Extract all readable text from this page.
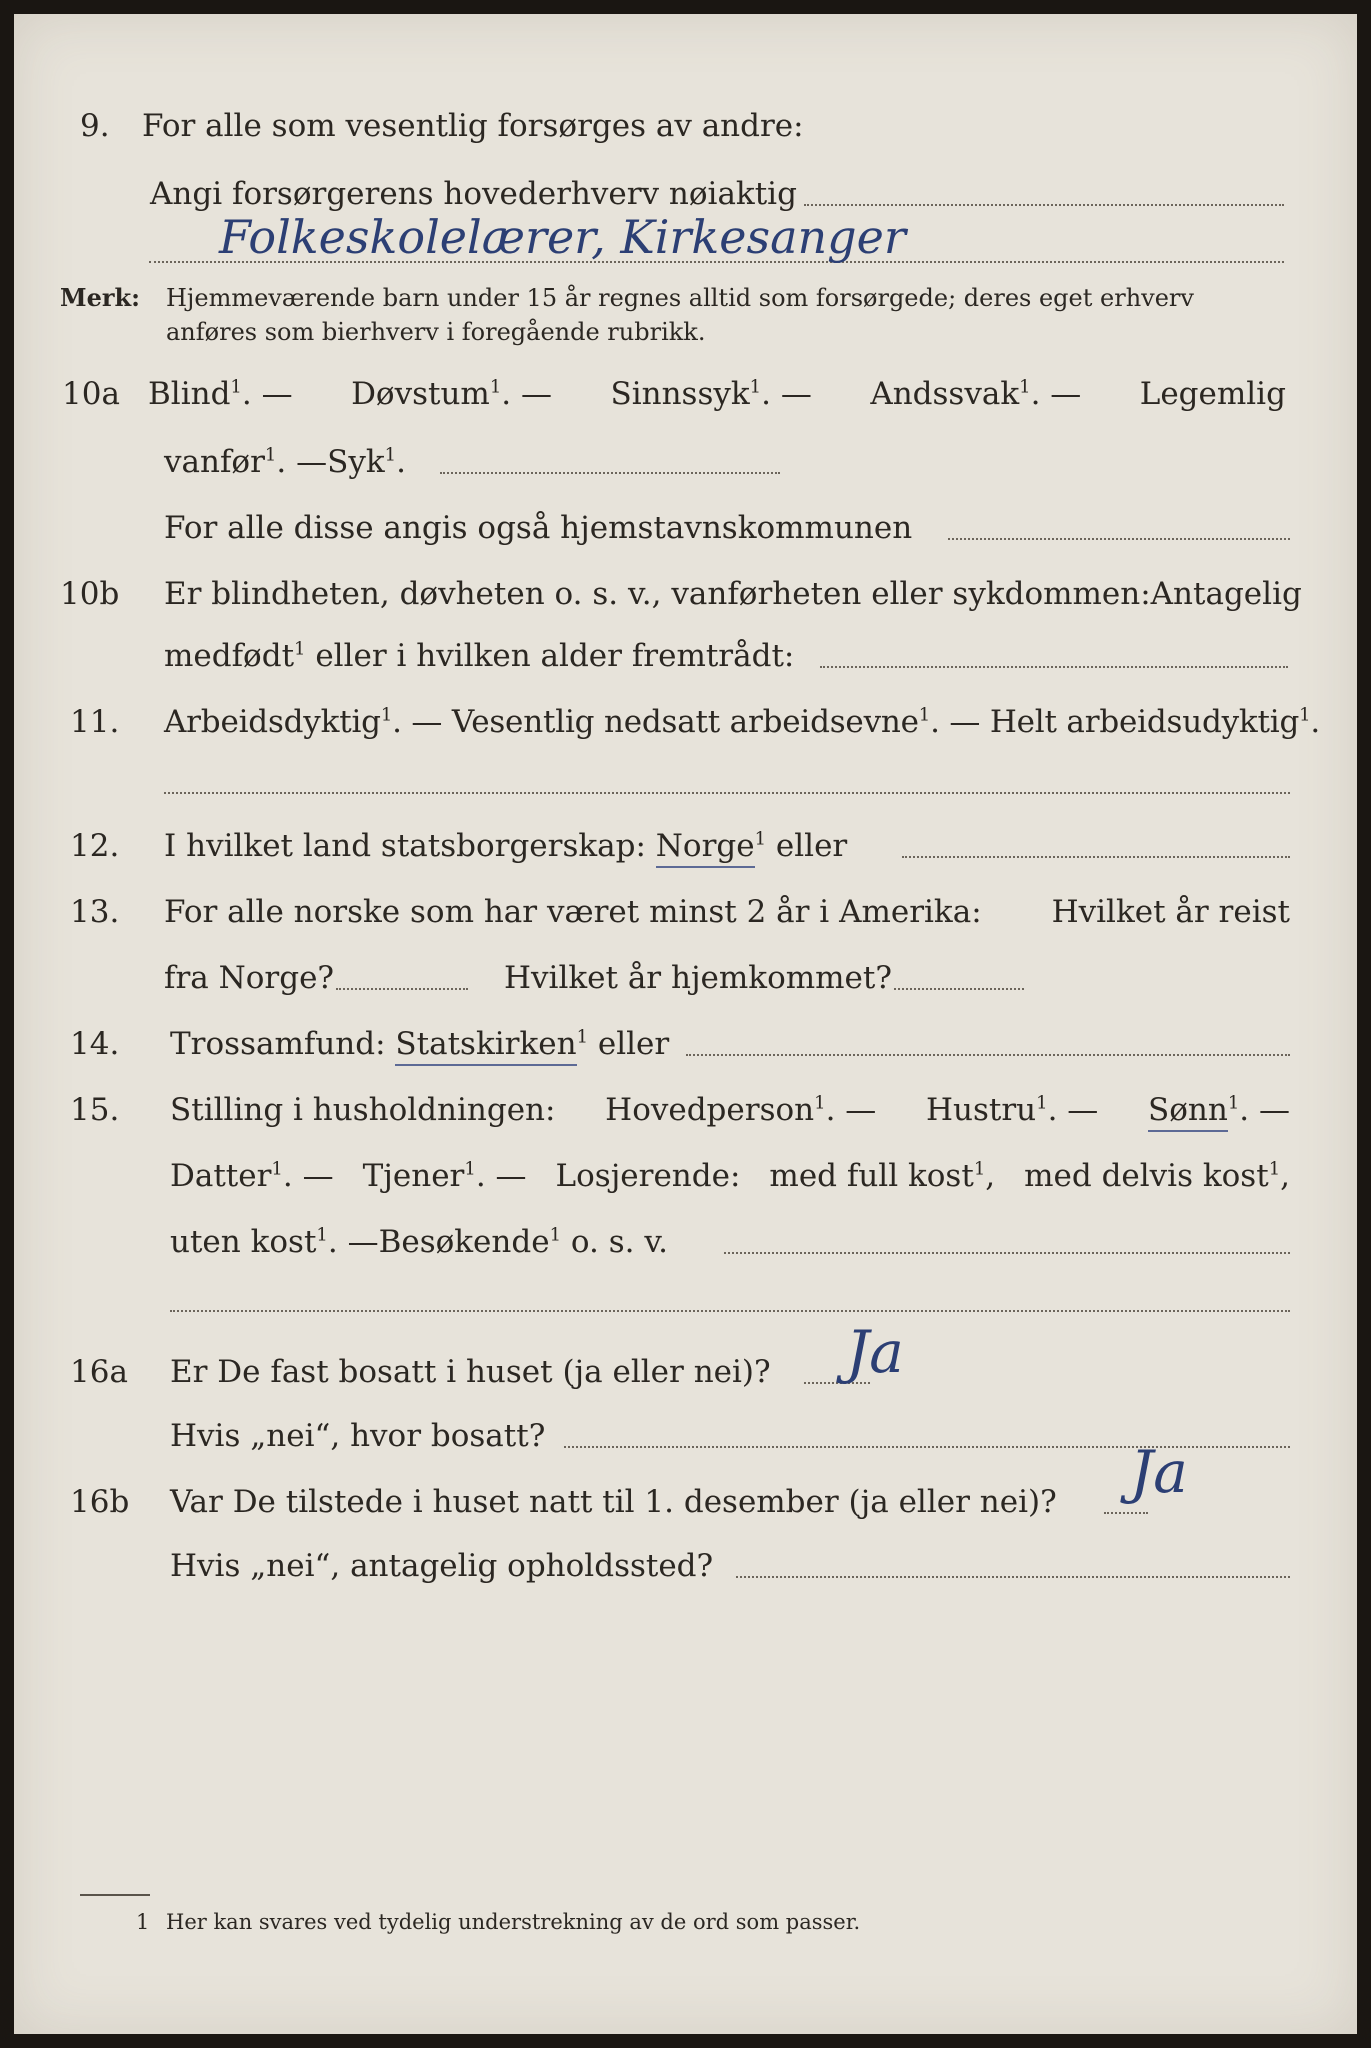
9. For alle som vesentlig forsørges av andre:
Angi forsørgerens hovederhverv nøiaktig
Folkeskolelærer, Kirkesanger
Merk: Hjemmeværende barn under 15 år regnes alltid som forsørgede; deres eget erhverv
anføres som bierhverv i foregående rubrikk.
10a Blind$^1$. — Døvstum$^1$. — Sinnssyk$^1$. — Andssvak$^1$. — Legemlig
vanfør$^1$. —Syk$^1$.
For alle disse angis også hjemstavnskommunen
10b Er blindheten, døvheten o. s. v., vanførheten eller sykdommen: Antagelig
medfødt$^1$ eller i hvilken alder fremtrådt:
11. Arbeidsdyktig$^1$. — Vesentlig nedsatt arbeidsevne$^1$. — Helt arbeidsudyktig$^1$.
12. I hvilket land statsborgerskap: Norge$^1$ eller
13. For alle norske som har været minst 2 år i Amerika: Hvilket år reist
fra Norge?	Hvilket år hjemkommet?
14. Trossamfund: Statskirken$^1$ eller
15. Stilling i husholdningen: Hovedperson$^1$. — Hustru$^1$. — Sønn$^1$. —
Datter$^1$. — Tjener$^1$. — Losjerende: med full kost$^1$, med delvis kost$^1$,
uten kost$^1$. —Besøkende$^1$ o. s. v.
16a Er De fast bosatt i huset (ja eller nei)? Ja
Hvis „nei“, hvor bosatt?
16b Var De tilstede i huset natt til 1. desember (ja eller nei)? Ja
Hvis „nei“, antagelig opholdssted?
1 Her kan svares ved tydelig understrekning av de ord som passer.
